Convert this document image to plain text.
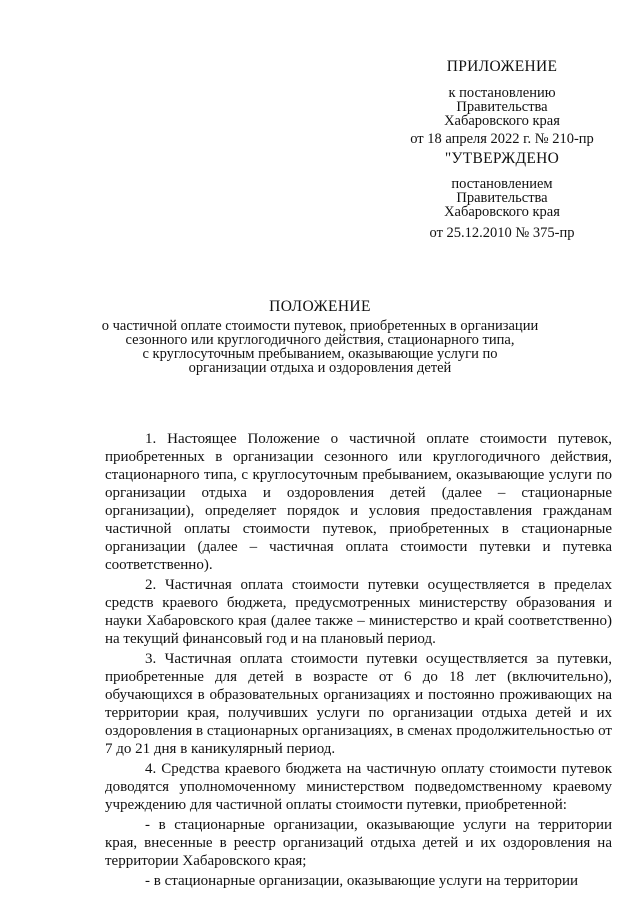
ПРИЛОЖЕНИЕ
к постановлению
Правительства
Хабаровского края
от 18 апреля 2022 г. № 210-пр
"УТВЕРЖДЕНО
постановлением
Правительства
Хабаровского края
от 25.12.2010 № 375-пр
ПОЛОЖЕНИЕ
о частичной оплате стоимости путевок, приобретенных в организации
сезонного или круглогодичного действия, стационарного типа,
с круглосуточным пребыванием, оказывающие услуги по
организации отдыха и оздоровления детей

1. Настоящее Положение о частичной оплате стоимости путевок, приобретенных в организации сезонного или круглогодичного действия, стационарного типа, с круглосуточным пребыванием, оказывающие услуги по организации отдыха и оздоровления детей (далее – стационарные организации), определяет порядок и условия предоставления гражданам частичной оплаты стоимости путевок, приобретенных в стационарные организации (далее – частичная оплата стоимости путевки и путевка соответственно).

2. Частичная оплата стоимости путевки осуществляется в пределах средств краевого бюджета, предусмотренных министерству образования и науки Хабаровского края (далее также – министерство и край соответственно) на текущий финансовый год и на плановый период.

3. Частичная оплата стоимости путевки осуществляется за путевки, приобретенные для детей в возрасте от 6 до 18 лет (включительно), обучающихся в образовательных организациях и постоянно проживающих на территории края, получивших услуги по организации отдыха детей и их оздоровления в стационарных организациях, в сменах продолжительностью от 7 до 21 дня в каникулярный период.

4. Средства краевого бюджета на частичную оплату стоимости путевок доводятся уполномоченному министерством подведомственному краевому учреждению для частичной оплаты стоимости путевки, приобретенной:

- в стационарные организации, оказывающие услуги на территории края, внесенные в реестр организаций отдыха детей и их оздоровления на территории Хабаровского края;

- в стационарные организации, оказывающие услуги на территории
